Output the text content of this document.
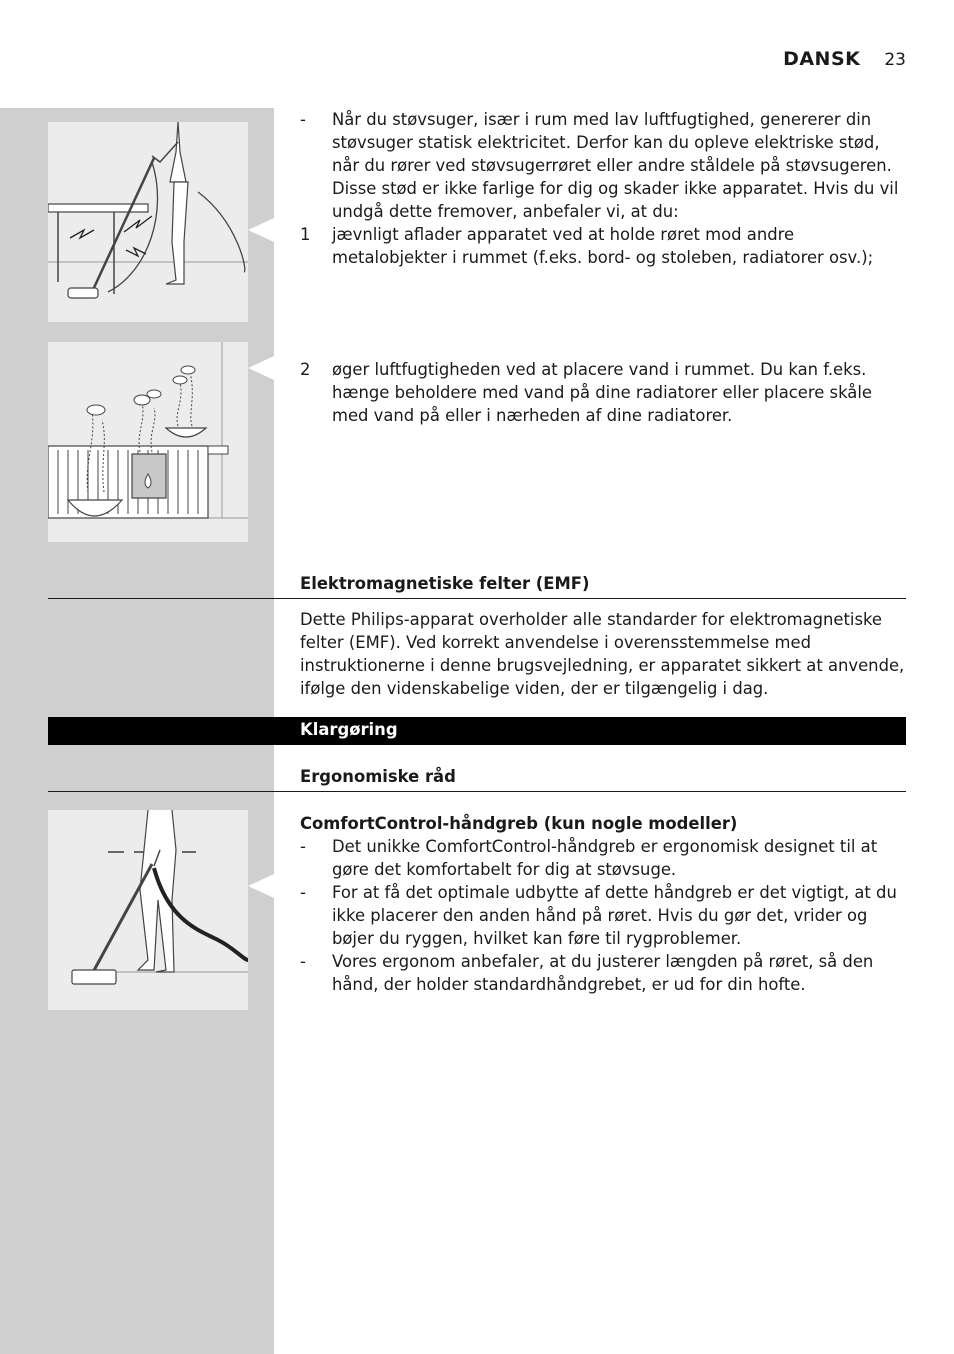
DANSK 23
-	Når du støvsuger, især i rum med lav luftfugtighed, genererer din støvsuger statisk elektricitet. Derfor kan du opleve elektriske stød, når du rører ved støvsugerrøret eller andre ståldele på støvsugeren. Disse stød er ikke farlige for dig og skader ikke apparatet. Hvis du vil undgå dette fremover, anbefaler vi, at du:
1	jævnligt aflader apparatet ved at holde røret mod andre metalobjekter i rummet (f.eks. bord- og stoleben, radiatorer osv.);
2	øger luftfugtigheden ved at placere vand i rummet. Du kan f.eks. hænge beholdere med vand på dine radiatorer eller placere skåle med vand på eller i nærheden af dine radiatorer.
Elektromagnetiske felter (EMF)

Dette Philips-apparat overholder alle standarder for elektromagnetiske felter (EMF). Ved korrekt anvendelse i overensstemmelse med instruktionerne i denne brugsvejledning, er apparatet sikkert at anvende, ifølge den videnskabelige viden, der er tilgængelig i dag.

Klargøring
Ergonomiske råd
ComfortControl-håndgreb (kun nogle modeller)
-	Det unikke ComfortControl-håndgreb er ergonomisk designet til at gøre det komfortabelt for dig at støvsuge.
-	For at få det optimale udbytte af dette håndgreb er det vigtigt, at du ikke placerer den anden hånd på røret. Hvis du gør det, vrider og bøjer du ryggen, hvilket kan føre til rygproblemer.
-	Vores ergonom anbefaler, at du justerer længden på røret, så den hånd, der holder standardhåndgrebet, er ud for din hofte.
